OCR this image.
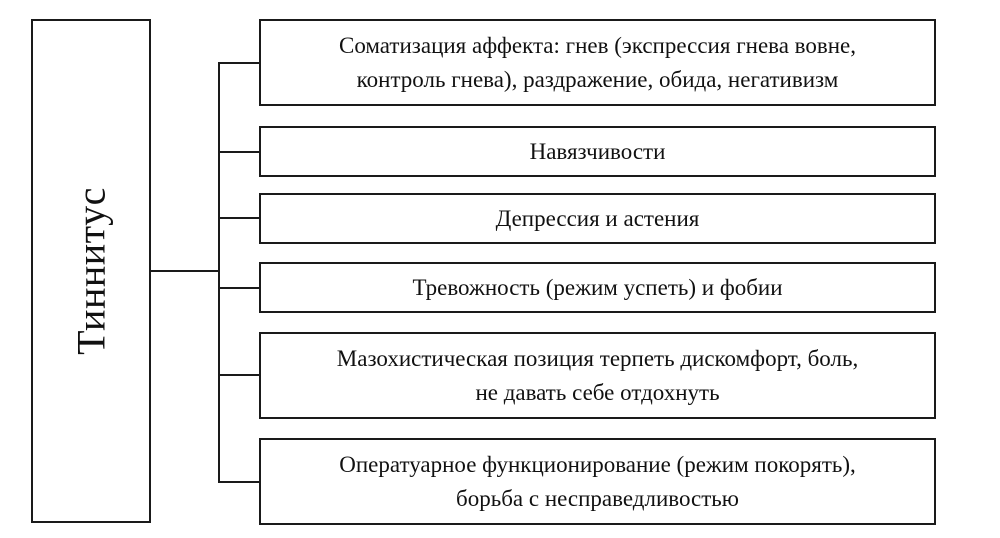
Тиннитус
Соматизация аффекта: гнев (экспрессия гнева вовне,
контроль гнева), раздражение, обида, негативизм
Навязчивости
Депрессия и астения
Тревожность (режим успеть) и фобии
Мазохистическая позиция терпеть дискомфорт, боль,
не давать себе отдохнуть
Оператуарное функционирование (режим покорять),
борьба с несправедливостью
